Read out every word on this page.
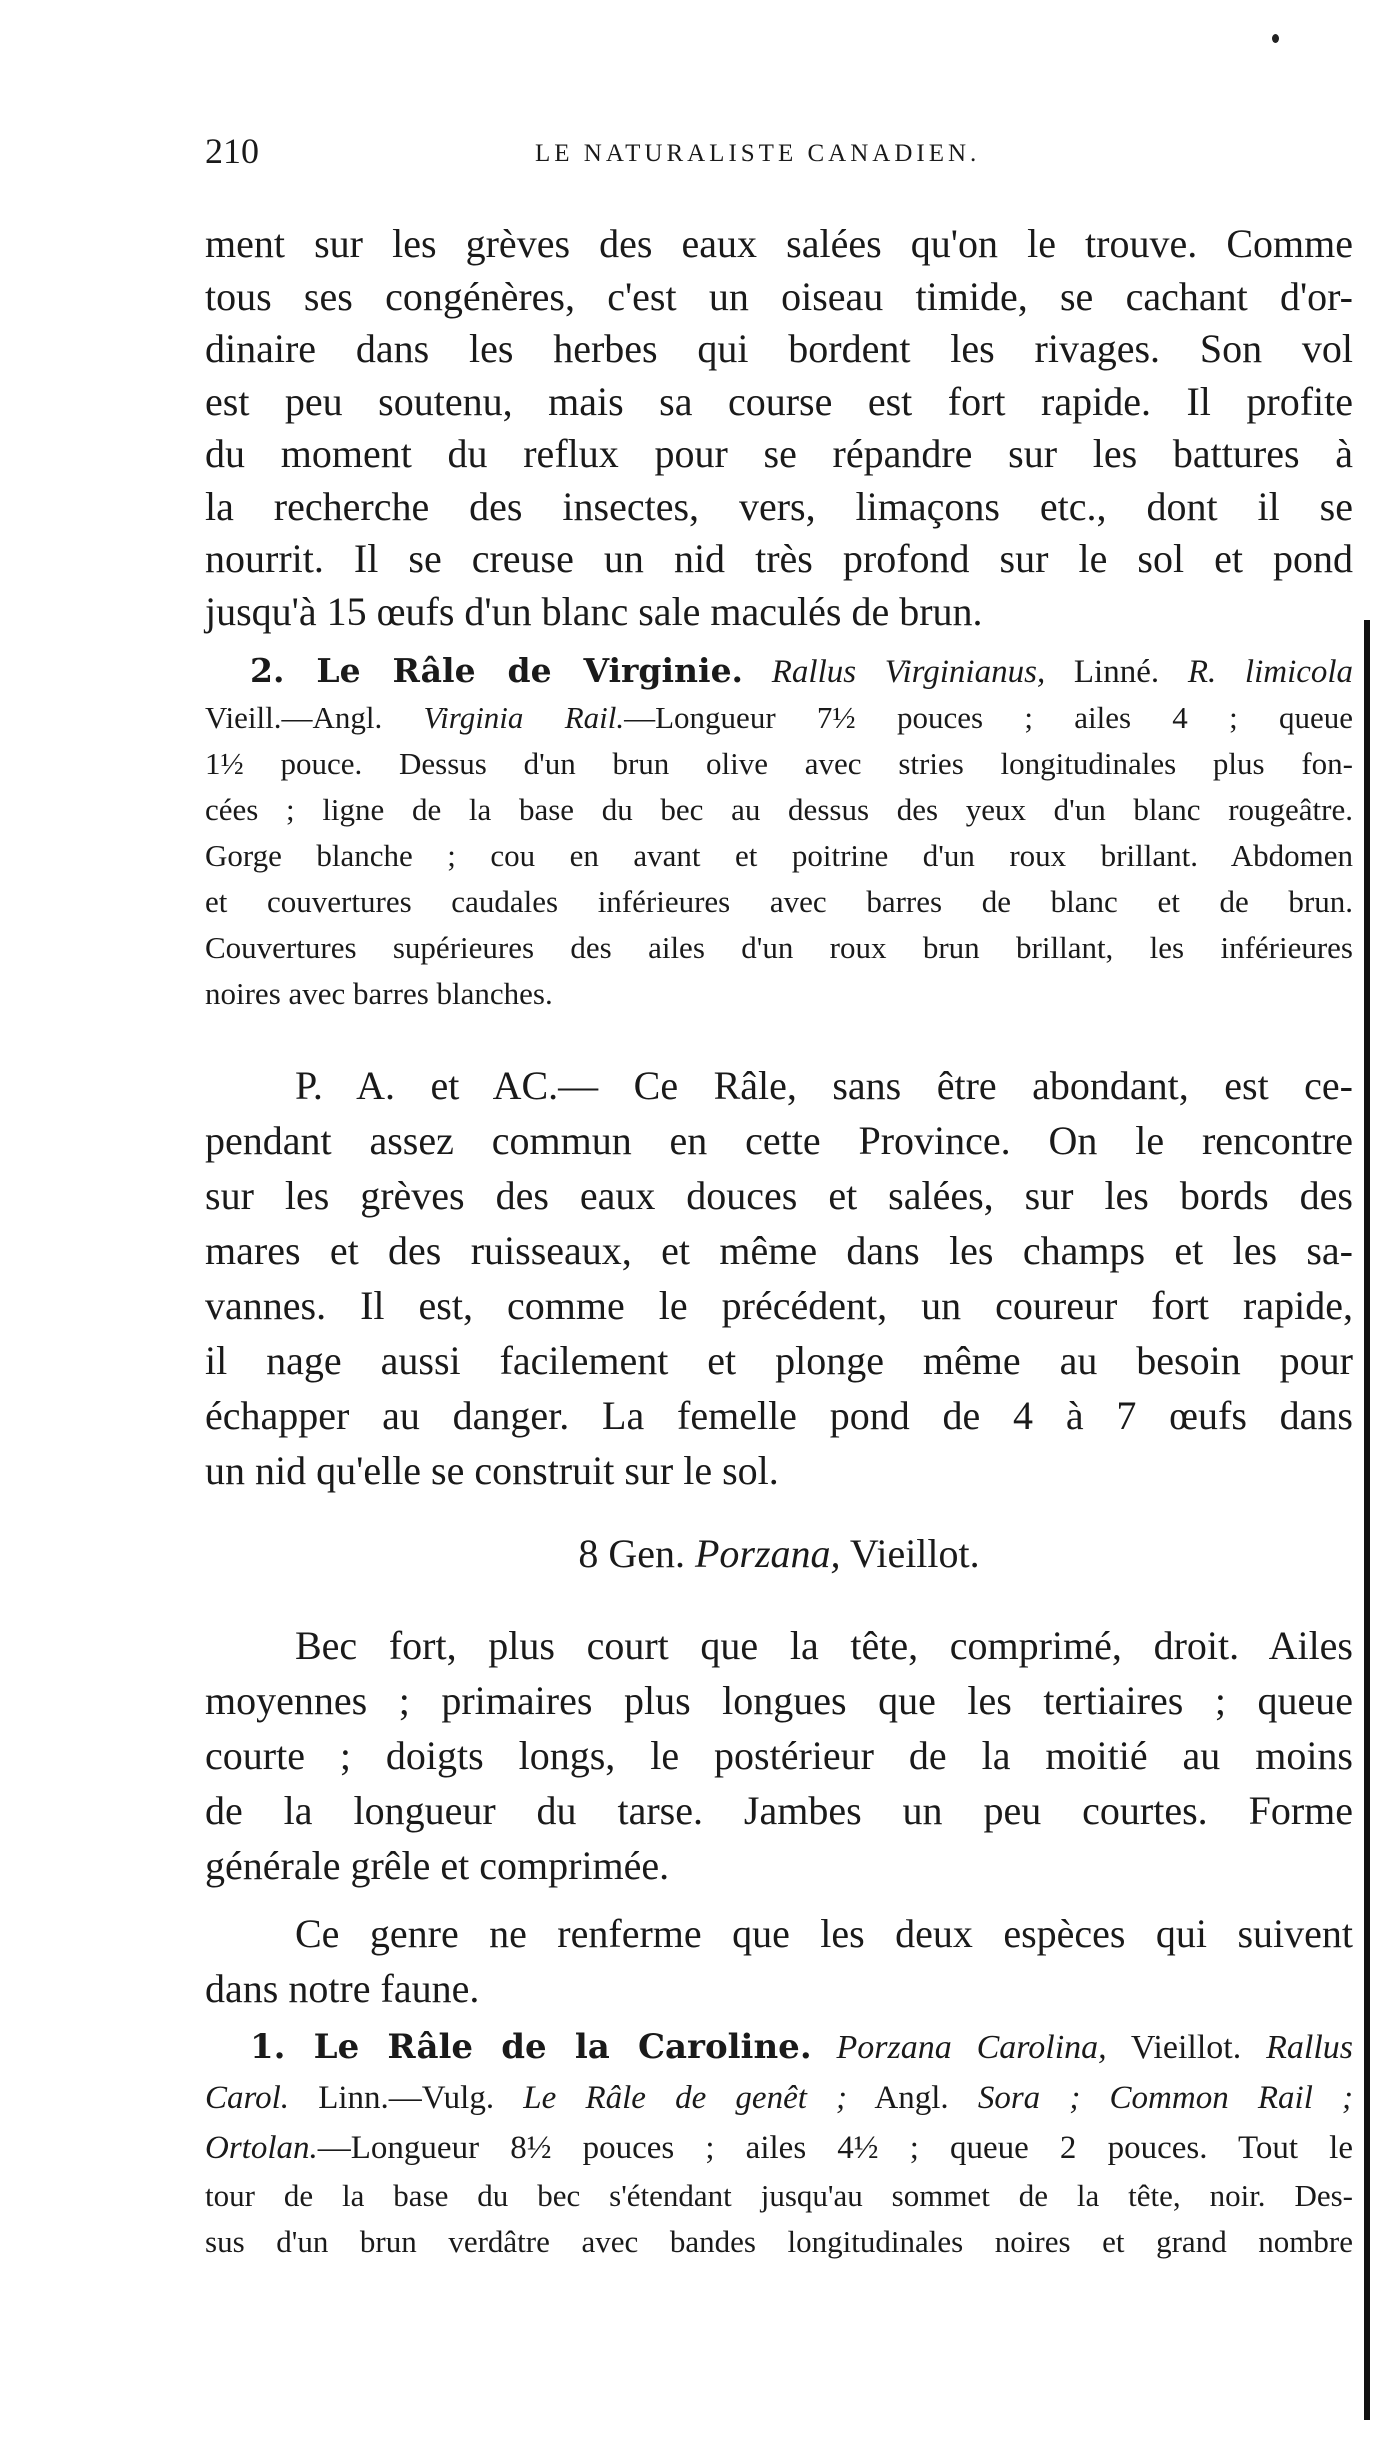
210	LE NATURALISTE CANADIEN.
ment sur les grèves des eaux salées qu'on le trouve. Comme
tous ses congénères, c'est un oiseau timide, se cachant d'or-
dinaire dans les herbes qui bordent les rivages. Son vol
est peu soutenu, mais sa course est fort rapide. Il profite
du moment du reflux pour se répandre sur les battures à
la recherche des insectes, vers, limaçons etc., dont il se
nourrit. Il se creuse un nid très profond sur le sol et pond
jusqu'à 15 œufs d'un blanc sale maculés de brun.
2. Le Râle de Virginie. Rallus Virginianus, Linné. R. limicola
Vieill.—Angl. Virginia Rail.—Longueur 7½ pouces ; ailes 4 ; queue
1½ pouce. Dessus d'un brun olive avec stries longitudinales plus fon-
cées ; ligne de la base du bec au dessus des yeux d'un blanc rougeâtre.
Gorge blanche ; cou en avant et poitrine d'un roux brillant. Abdomen
et couvertures caudales inférieures avec barres de blanc et de brun.
Couvertures supérieures des ailes d'un roux brun brillant, les inférieures
noires avec barres blanches.
P. A. et AC.— Ce Râle, sans être abondant, est ce-
pendant assez commun en cette Province. On le rencontre
sur les grèves des eaux douces et salées, sur les bords des
mares et des ruisseaux, et même dans les champs et les sa-
vannes. Il est, comme le précédent, un coureur fort rapide,
il nage aussi facilement et plonge même au besoin pour
échapper au danger. La femelle pond de 4 à 7 œufs dans
un nid qu'elle se construit sur le sol.
8 Gen. Porzana, Vieillot.
Bec fort, plus court que la tête, comprimé, droit. Ailes
moyennes ; primaires plus longues que les tertiaires ; queue
courte ; doigts longs, le postérieur de la moitié au moins
de la longueur du tarse. Jambes un peu courtes. Forme
générale grêle et comprimée.
Ce genre ne renferme que les deux espèces qui suivent
dans notre faune.
1. Le Râle de la Caroline. Porzana Carolina, Vieillot. Rallus
Carol. Linn.—Vulg. Le Râle de genêt ; Angl. Sora ; Common Rail ;
Ortolan.—Longueur 8½ pouces ; ailes 4½ ; queue 2 pouces. Tout le
tour de la base du bec s'étendant jusqu'au sommet de la tête, noir. Des-
sus d'un brun verdâtre avec bandes longitudinales noires et grand nombre
